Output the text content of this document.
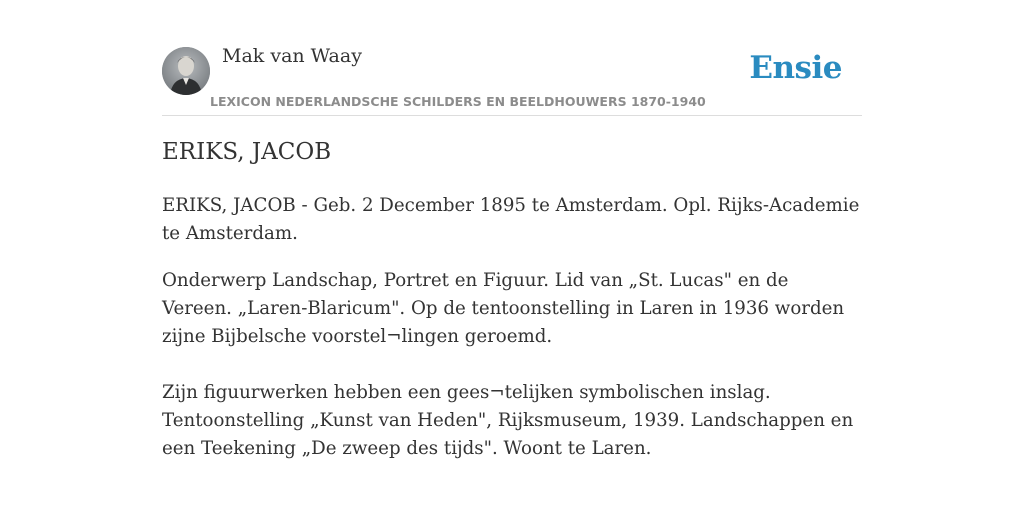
Mak van Waay
LEXICON NEDERLANDSCHE SCHILDERS EN BEELDHOUWERS 1870-1940
Ensie
ERIKS, JACOB

ERIKS, JACOB - Geb. 2 December 1895 te Amsterdam. Opl. Rijks-Academie te Amsterdam.

Onderwerp Landschap, Portret en Figuur. Lid van „St. Lucas" en de Vereen. „Laren-Blaricum". Op de tentoonstelling in Laren in 1936 worden zijne Bijbelsche voorstel¬lingen geroemd.

Zijn figuurwerken hebben een gees¬telijken symbolischen inslag. Tentoonstelling „Kunst van Heden", Rijksmuseum, 1939. Landschappen en een Teekening „De zweep des tijds". Woont te Laren.
